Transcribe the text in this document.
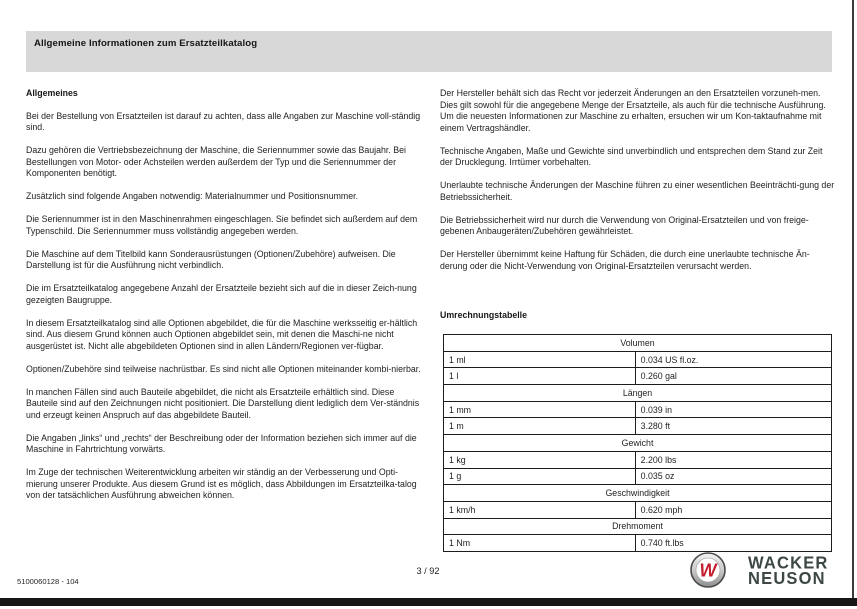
Allgemeine Informationen zum Ersatzteilkatalog
Allgemeines

Bei der Bestellung von Ersatzteilen ist darauf zu achten, dass alle Angaben zur Maschine voll-ständig sind.

Dazu gehören die Vertriebsbezeichnung der Maschine, die Seriennummer sowie das Baujahr. Bei Bestellungen von Motor- oder Achsteilen werden außerdem der Typ und die Seriennummer der Komponenten benötigt.

Zusätzlich sind folgende Angaben notwendig: Materialnummer und Positionsnummer.

Die Seriennummer ist in den Maschinenrahmen eingeschlagen. Sie befindet sich außerdem auf dem Typenschild. Die Seriennummer muss vollständig angegeben werden.

Die Maschine auf dem Titelbild kann Sonderausrüstungen (Optionen/Zubehöre) aufweisen. Die Darstellung ist für die Ausführung nicht verbindlich.

Die im Ersatzteilkatalog angegebene Anzahl der Ersatzteile bezieht sich auf die in dieser Zeich-nung gezeigten Baugruppe.

In diesem Ersatzteilkatalog sind alle Optionen abgebildet, die für die Maschine werksseitig er-hältlich sind. Aus diesem Grund können auch Optionen abgebildet sein, mit denen die Maschi-ne nicht ausgerüstet ist. Nicht alle abgebildeten Optionen sind in allen Ländern/Regionen ver-fügbar.

Optionen/Zubehöre sind teilweise nachrüstbar. Es sind nicht alle Optionen miteinander kombi-nierbar.

In manchen Fällen sind auch Bauteile abgebildet, die nicht als Ersatzteile erhältlich sind. Diese Bauteile sind auf den Zeichnungen nicht positioniert. Die Darstellung dient lediglich dem Ver-ständnis und erzeugt keinen Anspruch auf das abgebildete Bauteil.

Die Angaben „links“ und „rechts“ der Beschreibung oder der Information beziehen sich immer auf die Maschine in Fahrtrichtung vorwärts.

Im Zuge der technischen Weiterentwicklung arbeiten wir ständig an der Verbesserung und Opti-mierung unserer Produkte. Aus diesem Grund ist es möglich, dass Abbildungen im Ersatzteilka-talog von der tatsächlichen Ausführung abweichen können.

Der Hersteller behält sich das Recht vor jederzeit Änderungen an den Ersatzteilen vorzuneh-men. Dies gilt sowohl für die angegebene Menge der Ersatzteile, als auch für die technische Ausführung. Um die neuesten Informationen zur Maschine zu erhalten, ersuchen wir um Kon-taktaufnahme mit einem Vertragshändler.

Technische Angaben, Maße und Gewichte sind unverbindlich und entsprechen dem Stand zur Zeit der Drucklegung. Irrtümer vorbehalten.

Unerlaubte technische Änderungen der Maschine führen zu einer wesentlichen Beeinträchti-gung der Betriebssicherheit.

Die Betriebssicherheit wird nur durch die Verwendung von Original-Ersatzteilen und von freige-gebenen Anbaugeräten/Zubehören gewährleistet.

Der Hersteller übernimmt keine Haftung für Schäden, die durch eine unerlaubte technische Än-derung oder die Nicht-Verwendung von Original-Ersatzteilen verursacht werden.

Umrechnungstabelle
Volumen	
1 ml	0.034 US fl.oz.
1 l	0.260 gal
Längen	
1 mm	0.039 in
1 m	3.280 ft
Gewicht	
1 kg	2.200 lbs
1 g	0.035 oz
Geschwindigkeit	
1 km/h	0.620 mph
Drehmoment	
1 Nm	0.740 ft.lbs
5100060128 - 104
3 / 92	W WACKER
NEUSON
